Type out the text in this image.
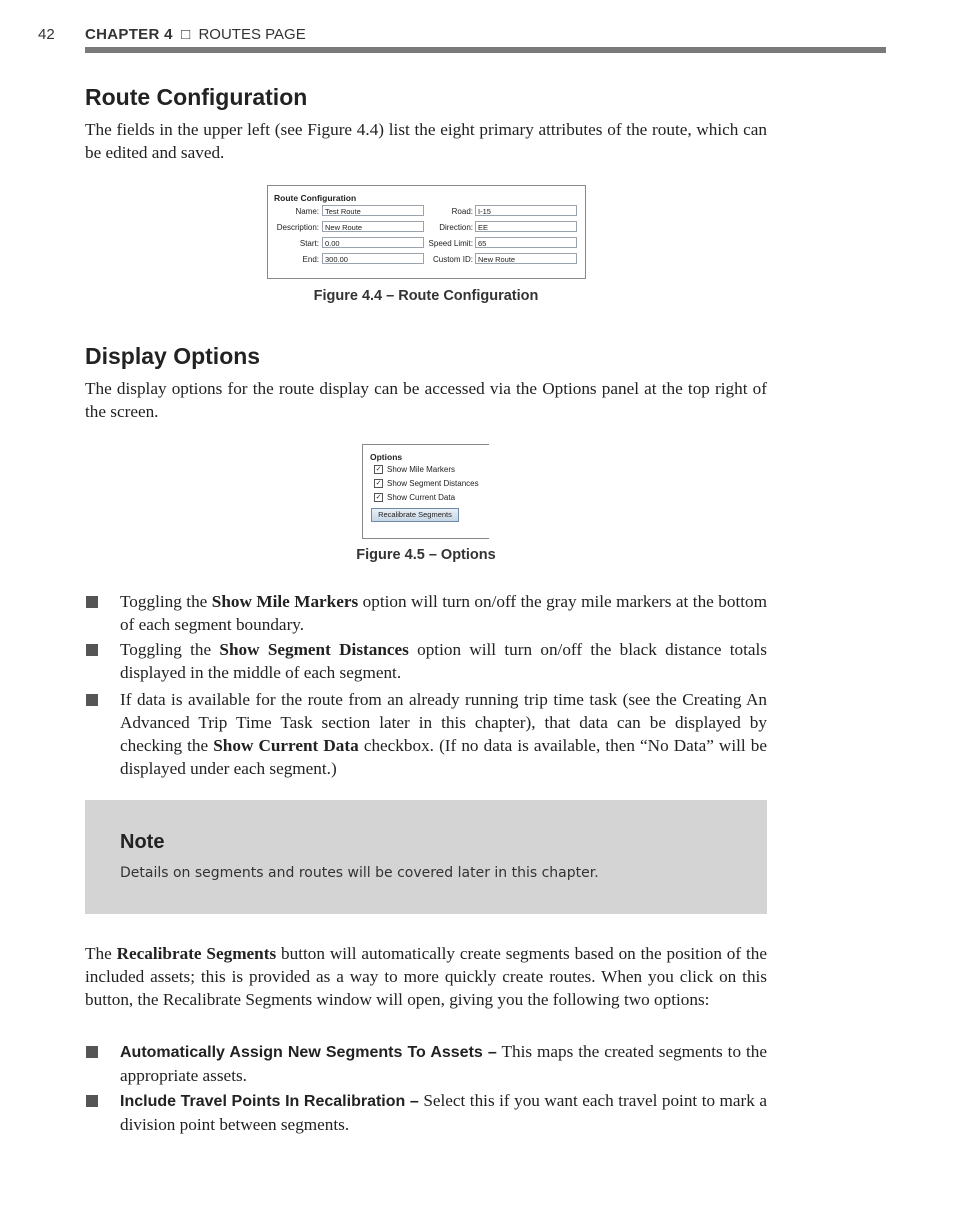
42 CHAPTER 4 □ ROUTES PAGE
Route Configuration

The fields in the upper left (see Figure 4.4) list the eight primary attributes of the route, which can be edited and saved.

Route Configuration
Name: Test Route
Description: New Route
Start: 0.00
End: 300.00
Road: I-15
Direction: EE
Speed Limit: 65
Custom ID: New Route
Figure 4.4 – Route Configuration
Display Options

The display options for the route display can be accessed via the Options panel at the top right of the screen.

Options
✓ Show Mile Markers
✓ Show Segment Distances
✓ Show Current Data
Recalibrate Segments
Figure 4.5 – Options
Toggling the Show Mile Markers option will turn on/off the gray mile markers at the bottom of each segment boundary.
Toggling the Show Segment Distances option will turn on/off the black distance totals displayed in the middle of each segment.
If data is available for the route from an already running trip time task (see the Creating An Advanced Trip Time Task section later in this chapter), that data can be displayed by checking the Show Current Data checkbox. (If no data is available, then “No Data” will be displayed under each segment.)
Note
Details on segments and routes will be covered later in this chapter.

The Recalibrate Segments button will automatically create segments based on the position of the included assets; this is provided as a way to more quickly create routes. When you click on this button, the Recalibrate Segments window will open, giving you the following two options:

Automatically Assign New Segments To Assets – This maps the created segments to the appropriate assets.
Include Travel Points In Recalibration – Select this if you want each travel point to mark a division point between segments.
